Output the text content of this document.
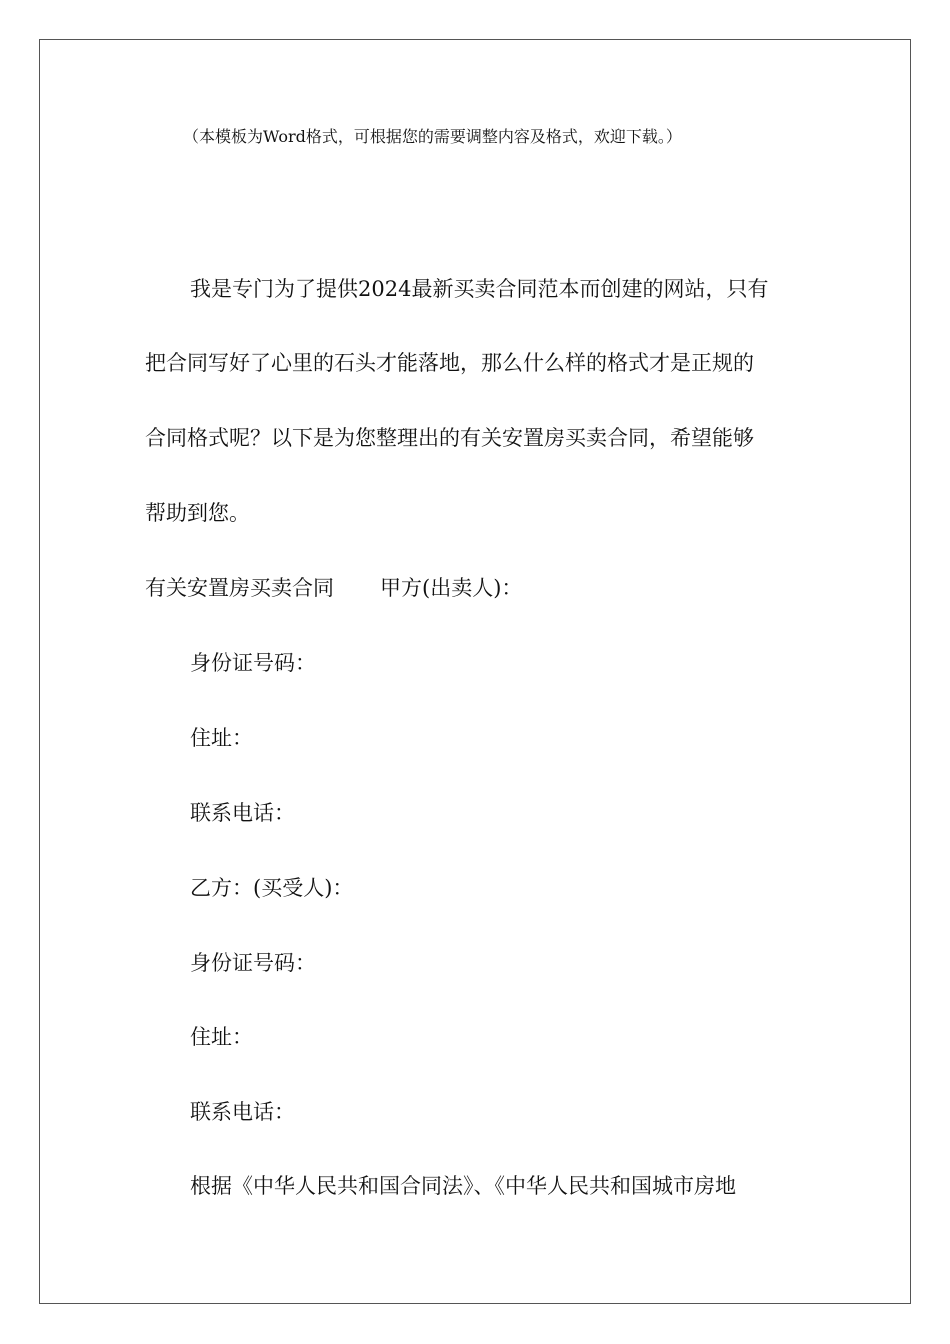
（本模板为Word格式，可根据您的需要调整内容及格式，欢迎下载。）
我是专门为了提供2024最新买卖合同范本而创建的网站，只有
把合同写好了心里的石头才能落地，那么什么样的格式才是正规的
合同格式呢？以下是为您整理出的有关安置房买卖合同，希望能够
帮助到您。
有关安置房买卖合同 甲方(出卖人)：
身份证号码：
住址：
联系电话：
乙方：(买受人)：
身份证号码：
住址：
联系电话：
根据《中华人民共和国合同法》、《中华人民共和国城市房地
